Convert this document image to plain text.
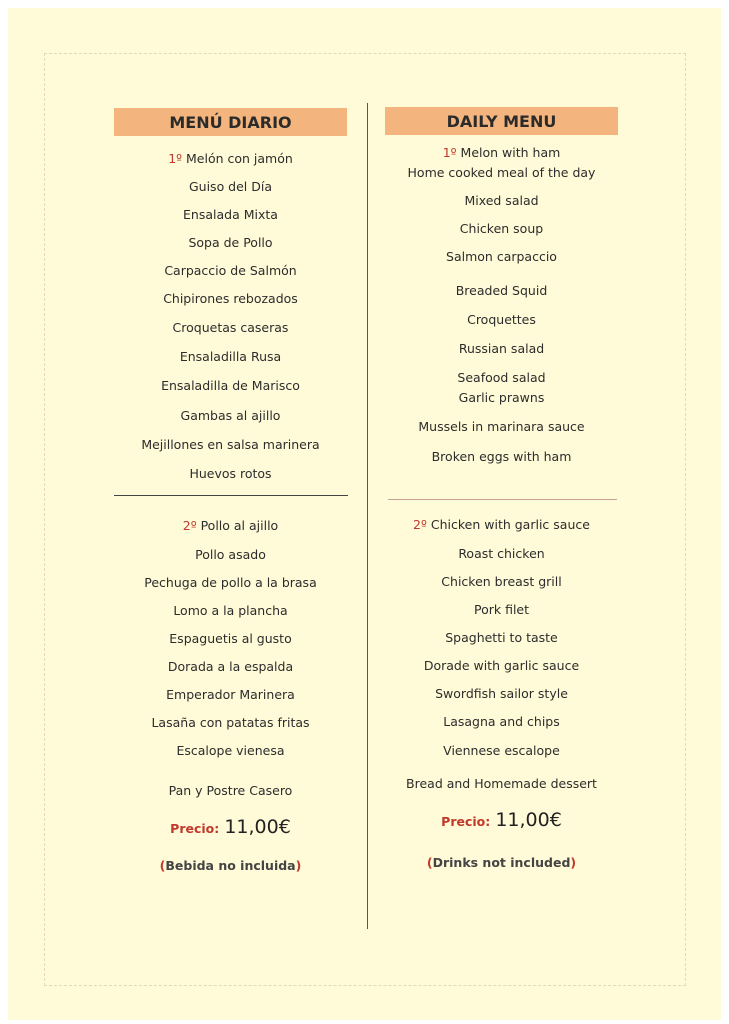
MENÚ DIARIO	DAILY MENU
1º Melón con jamón
Guiso del Día
Ensalada Mixta
Sopa de Pollo
Carpaccio de Salmón
Chipirones rebozados
Croquetas caseras
Ensaladilla Rusa
Ensaladilla de Marisco
Gambas al ajillo
Mejillones en salsa marinera
Huevos rotos
2º Pollo al ajillo
Pollo asado
Pechuga de pollo a la brasa
Lomo a la plancha
Espaguetis al gusto
Dorada a la espalda
Emperador Marinera
Lasaña con patatas fritas
Escalope vienesa
Pan y Postre Casero
Precio: 11,00€
(Bebida no incluida)
1º Melon with ham
Home cooked meal of the day
Mixed salad
Chicken soup
Salmon carpaccio
Breaded Squid
Croquettes
Russian salad
Seafood salad
Garlic prawns
Mussels in marinara sauce
Broken eggs with ham
2º Chicken with garlic sauce
Roast chicken
Chicken breast grill
Pork filet
Spaghetti to taste
Dorade with garlic sauce
Swordfish sailor style
Lasagna and chips
Viennese escalope
Bread and Homemade dessert
Precio: 11,00€
(Drinks not included)
